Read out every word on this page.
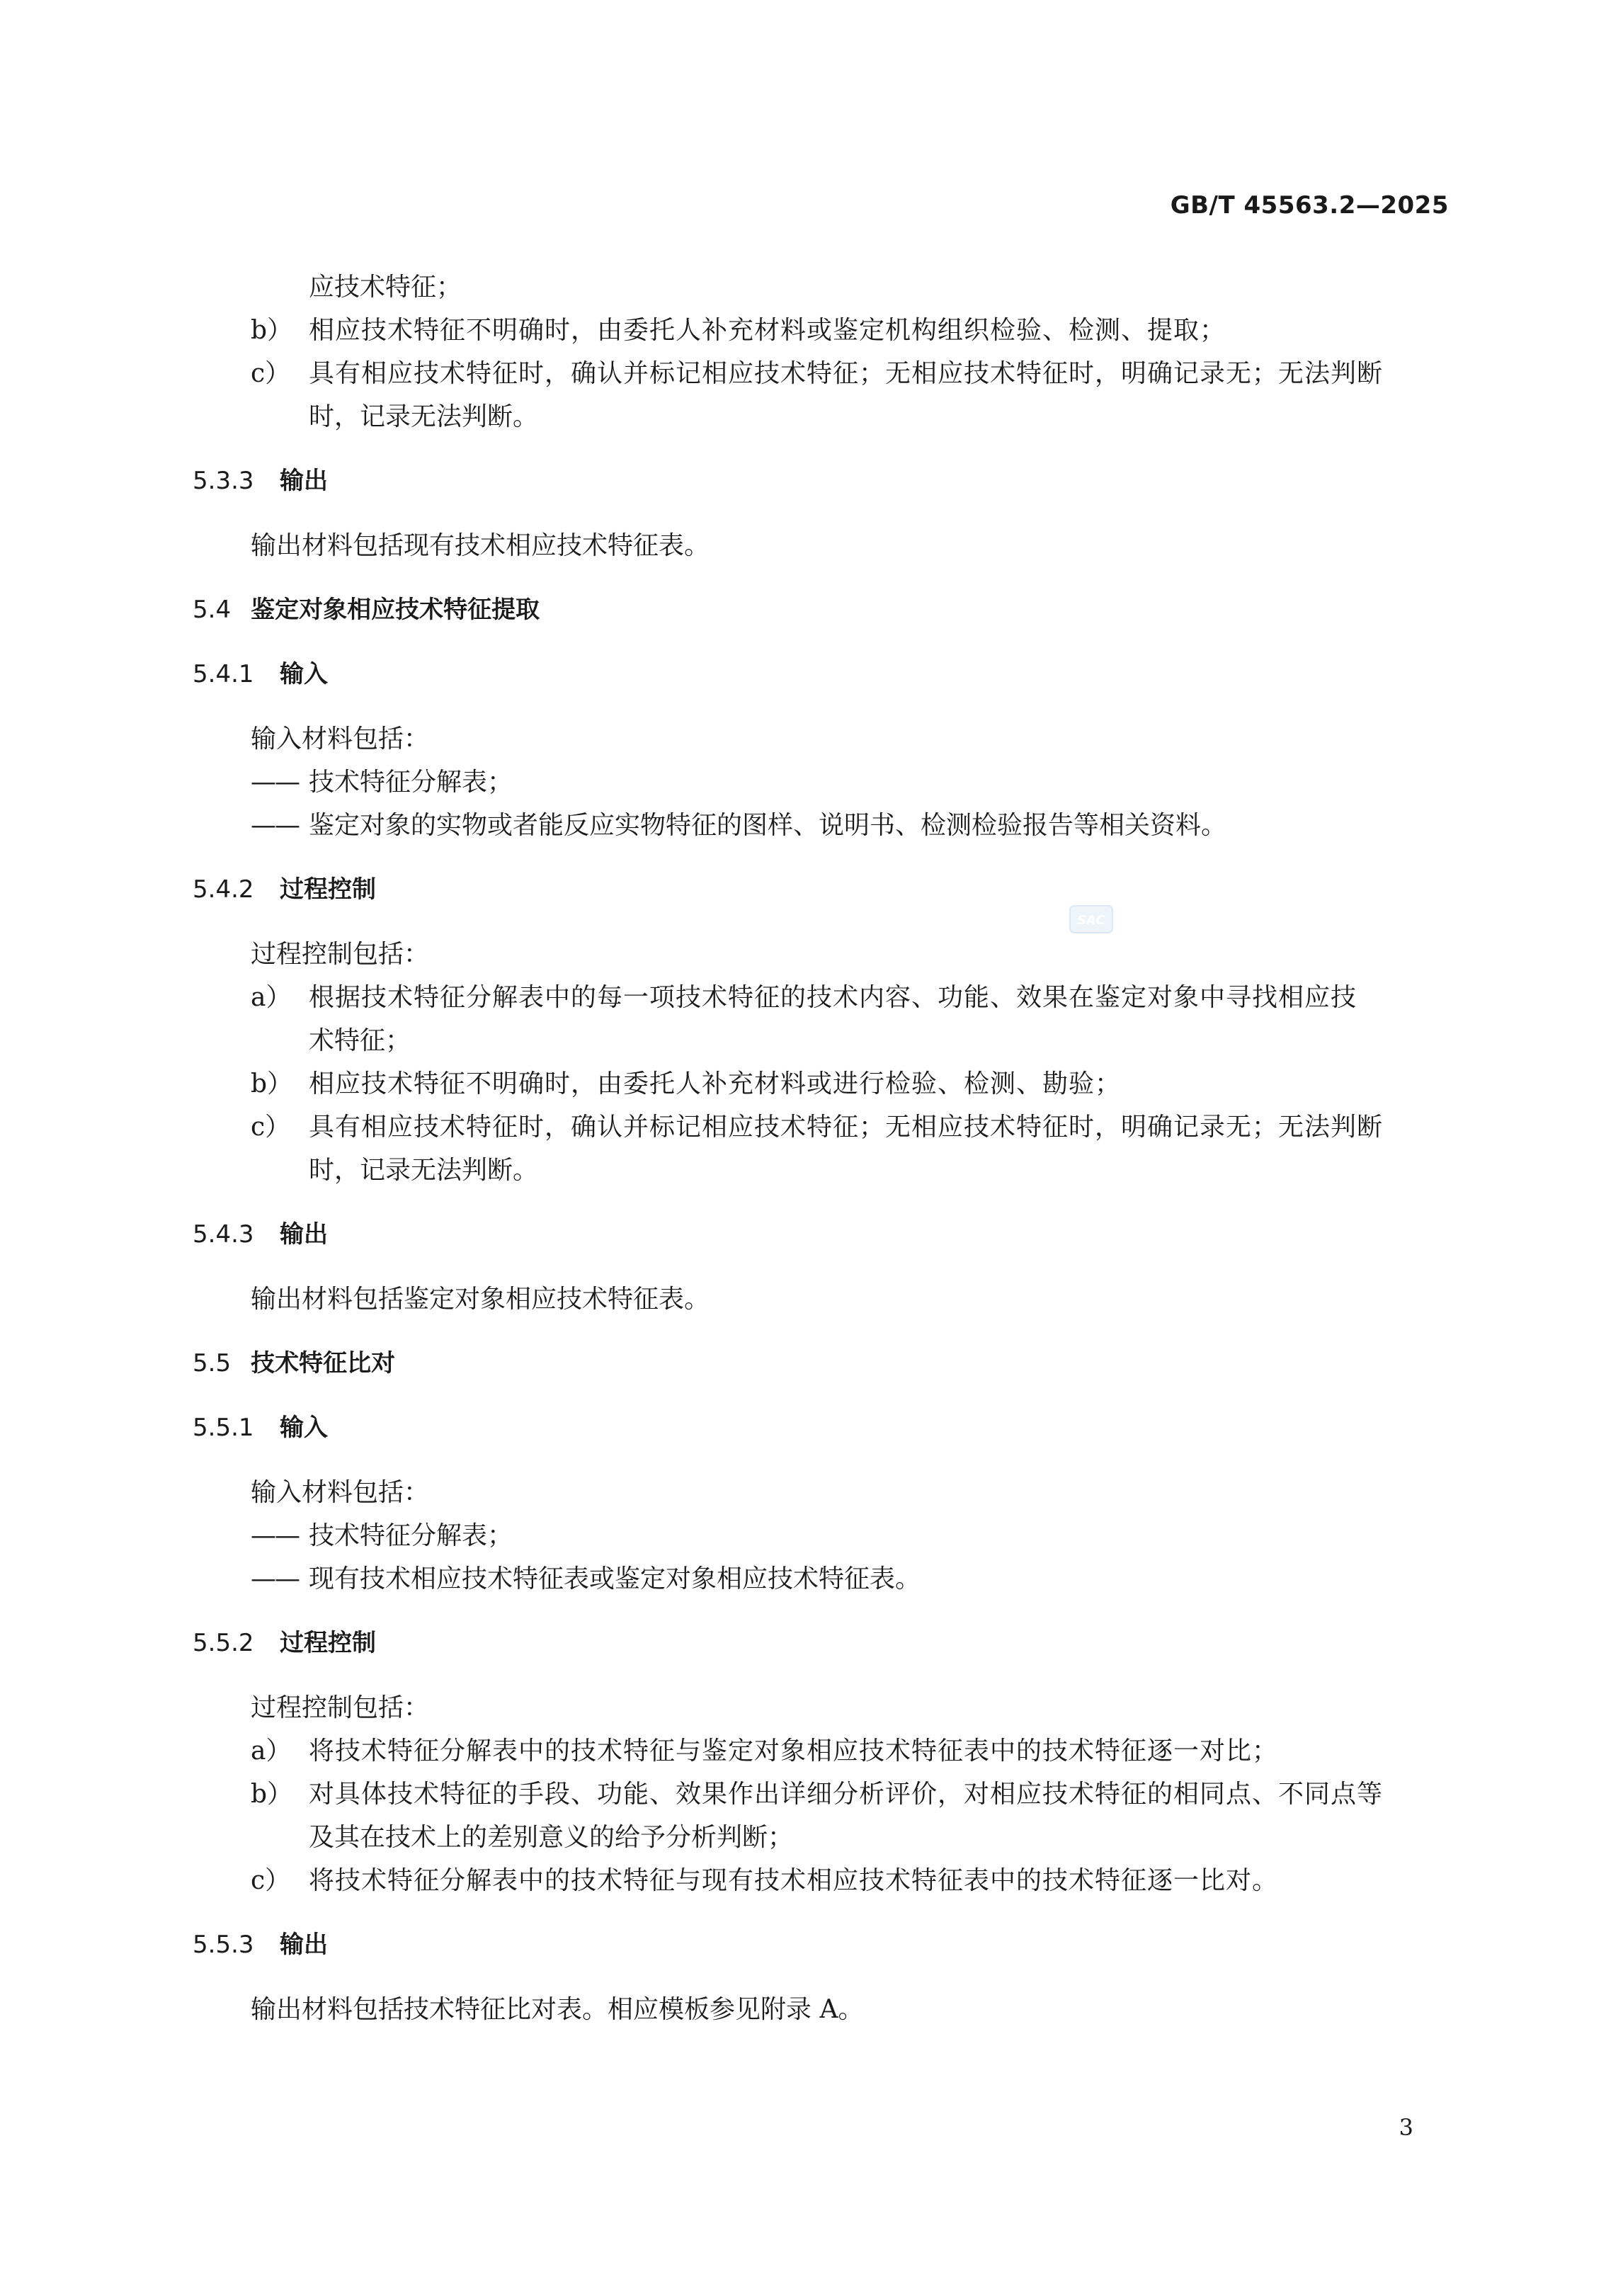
GB/T 45563.2—2025
SAC
应技术特征；
b） 相应技术特征不明确时，由委托人补充材料或鉴定机构组织检验、检测、提取；
c） 具有相应技术特征时，确认并标记相应技术特征；无相应技术特征时，明确记录无；无法判断
时，记录无法判断。
5.3.3 输出
输出材料包括现有技术相应技术特征表。
5.4 鉴定对象相应技术特征提取
5.4.1 输入
输入材料包括：
—— 技术特征分解表；
—— 鉴定对象的实物或者能反应实物特征的图样、说明书、检测检验报告等相关资料。
5.4.2 过程控制
过程控制包括：
a） 根据技术特征分解表中的每一项技术特征的技术内容、功能、效果在鉴定对象中寻找相应技
术特征；
b） 相应技术特征不明确时，由委托人补充材料或进行检验、检测、勘验；
c） 具有相应技术特征时，确认并标记相应技术特征；无相应技术特征时，明确记录无；无法判断
时，记录无法判断。
5.4.3 输出
输出材料包括鉴定对象相应技术特征表。
5.5 技术特征比对
5.5.1 输入
输入材料包括：
—— 技术特征分解表；
—— 现有技术相应技术特征表或鉴定对象相应技术特征表。
5.5.2 过程控制
过程控制包括：
a） 将技术特征分解表中的技术特征与鉴定对象相应技术特征表中的技术特征逐一对比；
b） 对具体技术特征的手段、功能、效果作出详细分析评价，对相应技术特征的相同点、不同点等
及其在技术上的差别意义的给予分析判断；
c） 将技术特征分解表中的技术特征与现有技术相应技术特征表中的技术特征逐一比对。
5.5.3 输出
输出材料包括技术特征比对表。相应模板参见附录 A。
3
